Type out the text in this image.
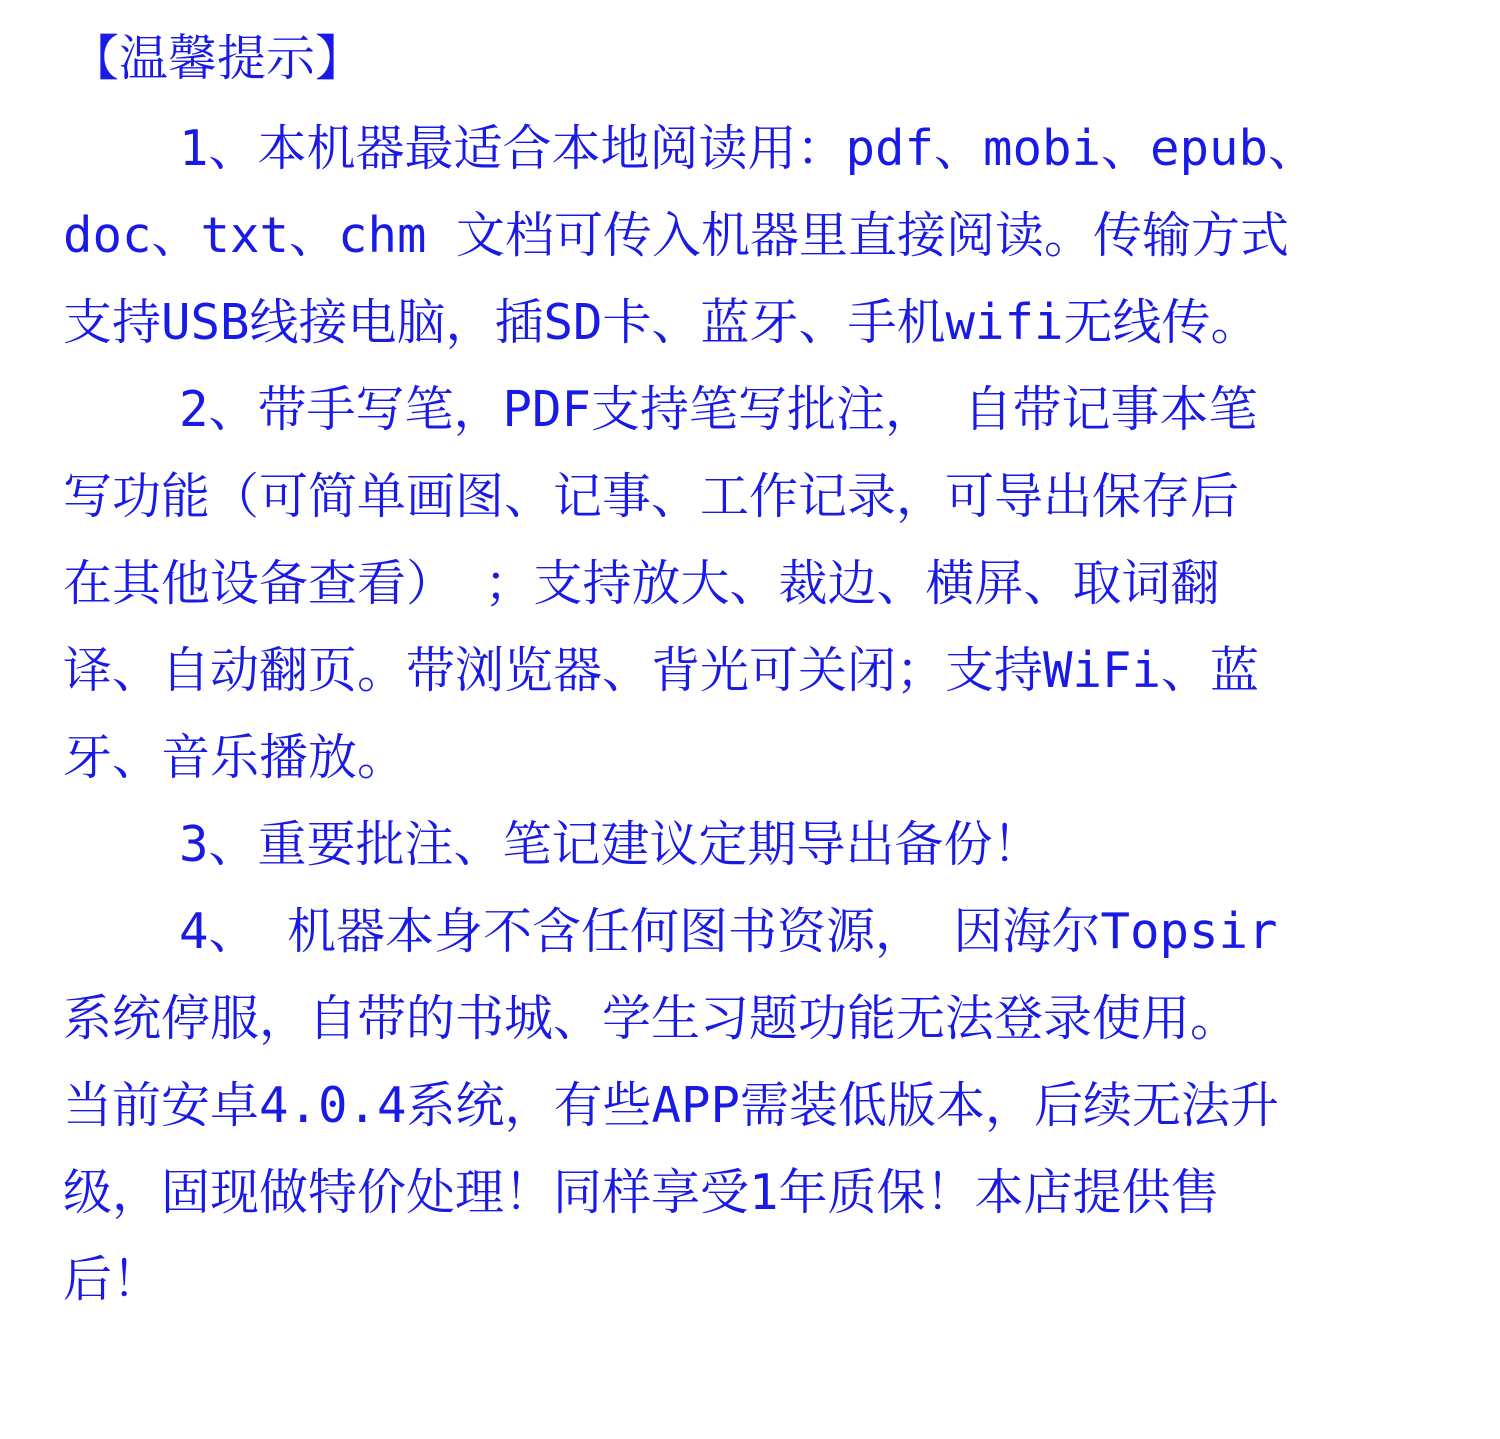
【温馨提示】
1、本机器最适合本地阅读用：pdf、mobi、epub、
doc、txt、chm 文档可传入机器里直接阅读。传输方式
支持USB线接电脑，插SD卡、蓝牙、手机wifi无线传。
2、带手写笔，PDF支持笔写批注， 自带记事本笔
写功能（可简单画图、记事、工作记录，可导出保存后
在其他设备查看） ；支持放大、裁边、横屏、取词翻
译、自动翻页。带浏览器、背光可关闭；支持WiFi、蓝
牙、音乐播放。
3、重要批注、笔记建议定期导出备份！
4、 机器本身不含任何图书资源， 因海尔Topsir
系统停服，自带的书城、学生习题功能无法登录使用。
当前安卓4.0.4系统，有些APP需装低版本，后续无法升
级，固现做特价处理！同样享受1年质保！本店提供售
后！
